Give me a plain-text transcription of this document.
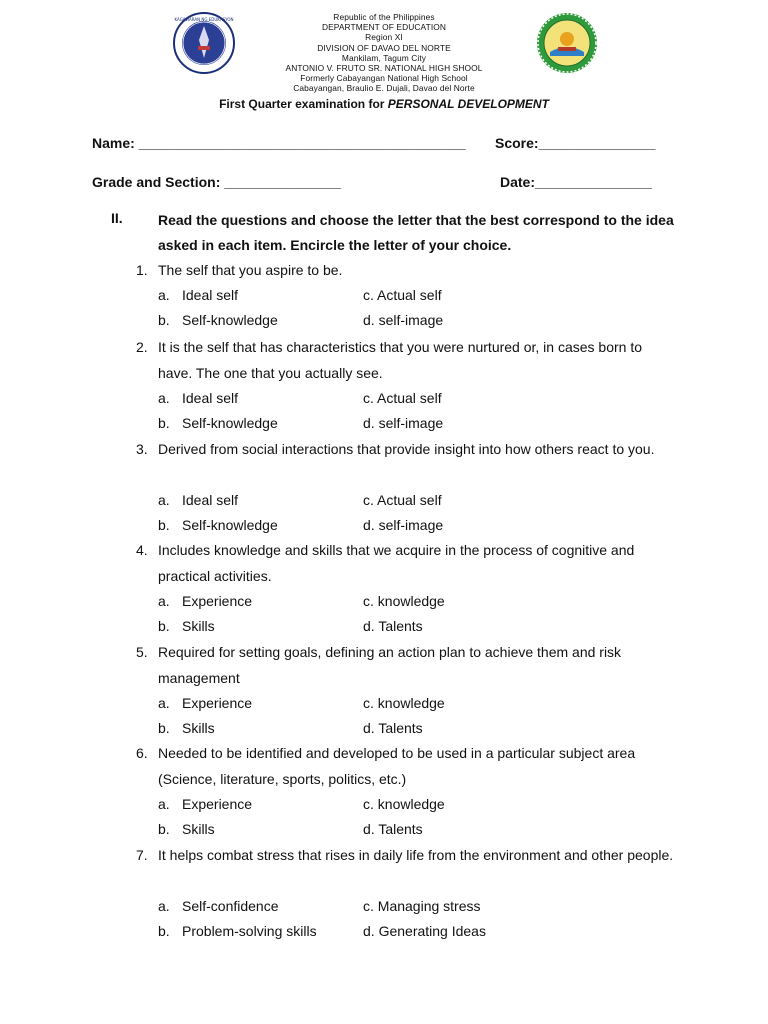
KAGAWARAN NG EDUKASYON	Republic of the Philippines
DEPARTMENT OF EDUCATION
Region XI
DIVISION OF DAVAO DEL NORTE
Mankilam, Tagum City
ANTONIO V. FRUTO SR. NATIONAL HIGH SHOOL
Formerly Cabayangan National High School
Cabayangan, Braulio E. Dujali, Davao del Norte
First Quarter examination for PERSONAL DEVELOPMENT
Name: __________________________________________ Score:_______________
Grade and Section: _______________	Date:_______________
II.	Read the questions and choose the letter that the best correspond to the idea asked in each item. Encircle the letter of your choice.
1. The self that you aspire to be.
a. Ideal self	c. Actual self
b. Self-knowledge	d. self-image
2. It is the self that has characteristics that you were nurtured or, in cases born to have. The one that you actually see.
a. Ideal self	c. Actual self
b. Self-knowledge	d. self-image
3. Derived from social interactions that provide insight into how others react to you.
a. Ideal self	c. Actual self
b. Self-knowledge	d. self-image
4. Includes knowledge and skills that we acquire in the process of cognitive and practical activities.
a. Experience	c. knowledge
b. Skills	d. Talents
5. Required for setting goals, defining an action plan to achieve them and risk management
a. Experience	c. knowledge
b. Skills	d. Talents
6. Needed to be identified and developed to be used in a particular subject area (Science, literature, sports, politics, etc.)
a. Experience	c. knowledge
b. Skills	d. Talents
7. It helps combat stress that rises in daily life from the environment and other people.
a. Self-confidence	c. Managing stress
b. Problem-solving skills	d. Generating Ideas
